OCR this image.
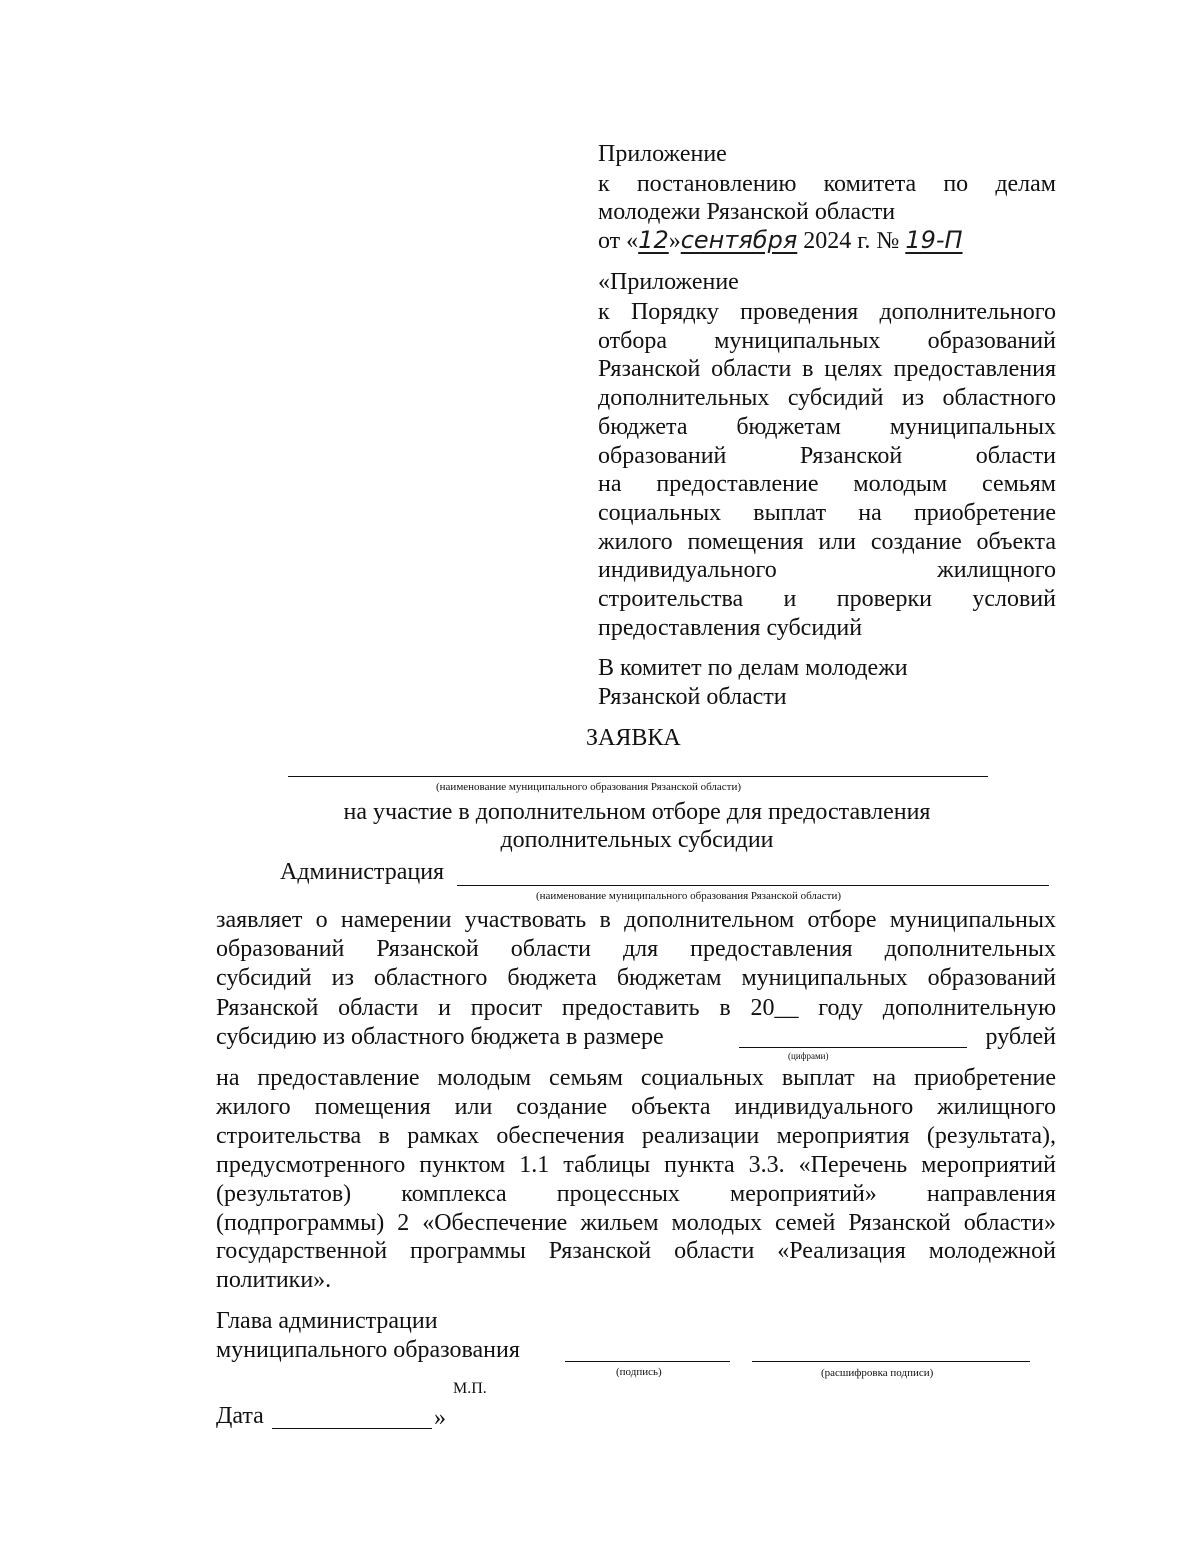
Приложение
к постановлению комитета по делам
молодежи Рязанской области
от «12»сентября 2024 г. № 19-П
«Приложение
к Порядку проведения дополнительного
отбора муниципальных образований
Рязанской области в целях предоставления
дополнительных субсидий из областного
бюджета бюджетам муниципальных
образований	Рязанской	области
на предоставление молодым семьям
социальных выплат на приобретение
жилого помещения или создание объекта
индивидуального	жилищного
строительства и проверки условий
предоставления субсидий
В комитет по делам молодежи
Рязанской области
ЗАЯВКА
(наименование муниципального образования Рязанской области)
на участие в дополнительном отборе для предоставления
дополнительных субсидии
Администрация
(наименование муниципального образования Рязанской области)
заявляет о намерении участвовать в дополнительном отборе муниципальных
образований Рязанской области для предоставления дополнительных
субсидий из областного бюджета бюджетам муниципальных образований
Рязанской области и просит предоставить в 20__ году дополнительную
субсидию из областного бюджета в размере	рублей
(цифрами)
на предоставление молодым семьям социальных выплат на приобретение
жилого помещения или создание объекта индивидуального жилищного
строительства в рамках обеспечения реализации мероприятия (результата),
предусмотренного пунктом 1.1 таблицы пункта 3.3. «Перечень мероприятий
(результатов) комплекса процессных мероприятий» направления
(подпрограммы) 2 «Обеспечение жильем молодых семей Рязанской области»
государственной программы Рязанской области «Реализация молодежной
политики».
Глава администрации
муниципального образования
(подпись)	(расшифровка подписи)
М.П.
Дата	»
